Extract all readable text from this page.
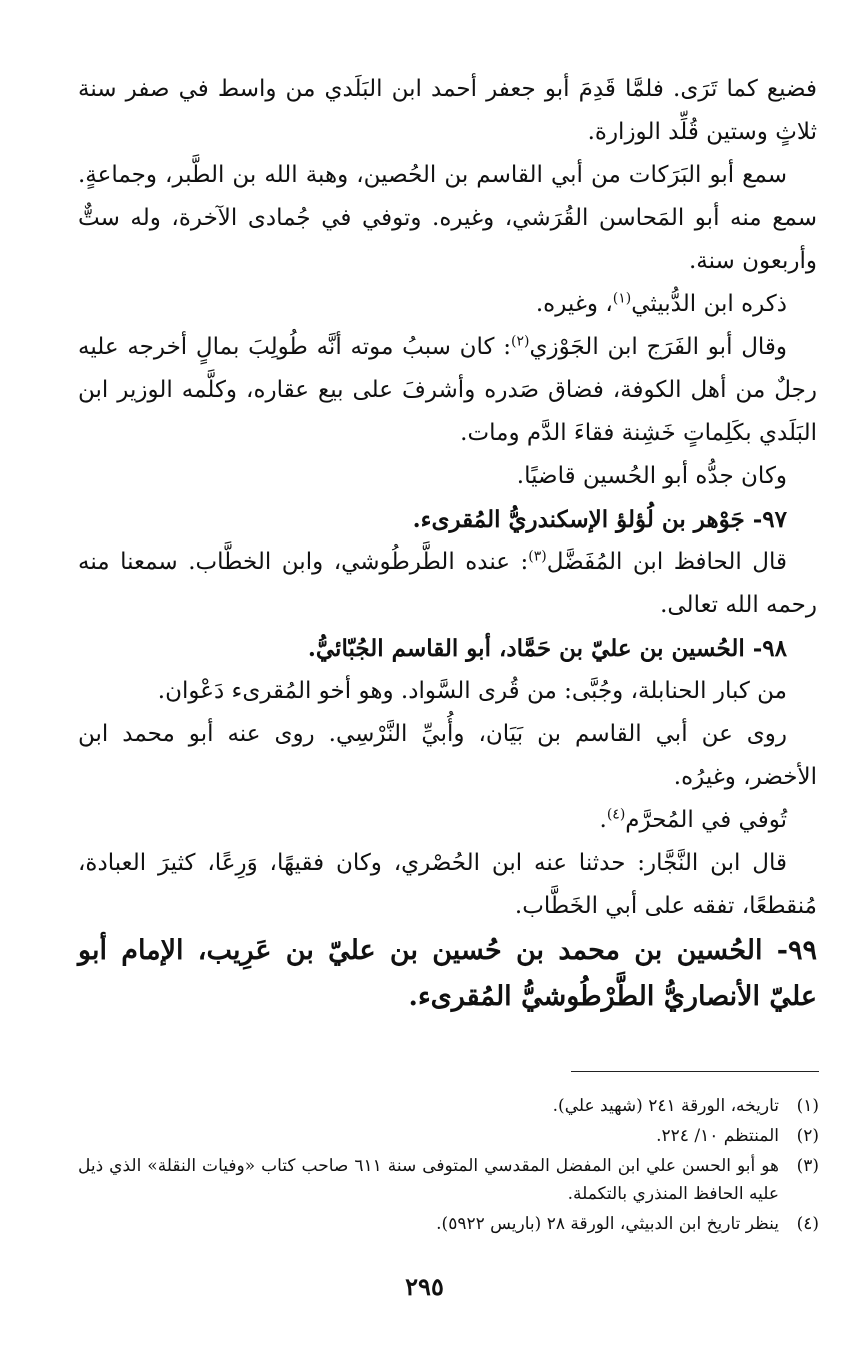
فضيع كما تَرَى. فلمَّا قَدِمَ أبو جعفر أحمد ابن البَلَدي من واسط في صفر سنة ثلاثٍ وستين قُلِّد الوزارة.

سمع أبو البَرَكات من أبي القاسم بن الحُصين، وهبة الله بن الطَّبر، وجماعةٍ. سمع منه أبو المَحاسن القُرَشي، وغيره. وتوفي في جُمادى الآخرة، وله ستٌّ وأربعون سنة.

ذكره ابن الدُّبيثي$^{(١)}$، وغيره.

وقال أبو الفَرَج ابن الجَوْزي$^{(٢)}$: كان سببُ موته أنَّه طُولِبَ بمالٍ أخرجه عليه رجلٌ من أهل الكوفة، فضاق صَدره وأشرفَ على بيع عقاره، وكلَّمه الوزير ابن البَلَدي بكَلِماتٍ خَشِنة فقاءَ الدَّم ومات.

وكان جدُّه أبو الحُسين قاضيًا.

٩٧- جَوْهر بن لُؤلؤ الإسكندريُّ المُقرىء.

قال الحافظ ابن المُفَضَّل$^{(٣)}$: عنده الطَّرطُوشي، وابن الخطَّاب. سمعنا منه رحمه الله تعالى.

٩٨- الحُسين بن عليّ بن حَمَّاد، أبو القاسم الجُبّائيُّ.

من كبار الحنابلة، وجُبَّى: من قُرى السَّواد. وهو أخو المُقرىء دَعْوان.

روى عن أبي القاسم بن بَيَان، وأُبيِّ النَّرْسِي. روى عنه أبو محمد ابن الأخضر، وغيرُه.

تُوفي في المُحرَّم$^{(٤)}$.

قال ابن النَّجَّار: حدثنا عنه ابن الحُصْري، وكان فقيهًا، وَرِعًا، كثيرَ العبادة، مُنقطعًا، تفقه على أبي الخَطَّاب.

٩٩- الحُسين بن محمد بن حُسين بن عليّ بن عَرِيب، الإمام أبو عليّ الأنصاريُّ الطَّرْطُوشيُّ المُقرىء.

(١)
تاريخه، الورقة ٢٤١ (شهيد علي).
(٢)
المنتظم ١٠/ ٢٢٤.
(٣)
هو أبو الحسن علي ابن المفضل المقدسي المتوفى سنة ٦١١ صاحب كتاب «وفيات النقلة» الذي ذيل عليه الحافظ المنذري بالتكملة.
(٤)
ينظر تاريخ ابن الدبيثي، الورقة ٢٨ (باريس ٥٩٢٢).
٢٩٥
